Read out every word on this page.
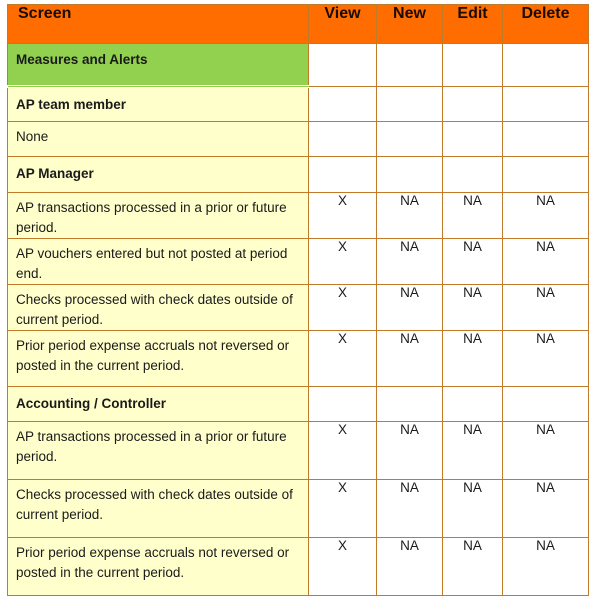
Screen	View	New	Edit	Delete
Measures and Alerts				
AP team member				
None				
AP Manager				
AP transactions processed in a prior or future period.	X	NA	NA	NA
AP vouchers entered but not posted at period end.	X	NA	NA	NA
Checks processed with check dates outside of current period.	X	NA	NA	NA
Prior period expense accruals not reversed or posted in the current period.	X	NA	NA	NA
Accounting / Controller				
AP transactions processed in a prior or future period.	X	NA	NA	NA
Checks processed with check dates outside of current period.	X	NA	NA	NA
Prior period expense accruals not reversed or posted in the current period.	X	NA	NA	NA
